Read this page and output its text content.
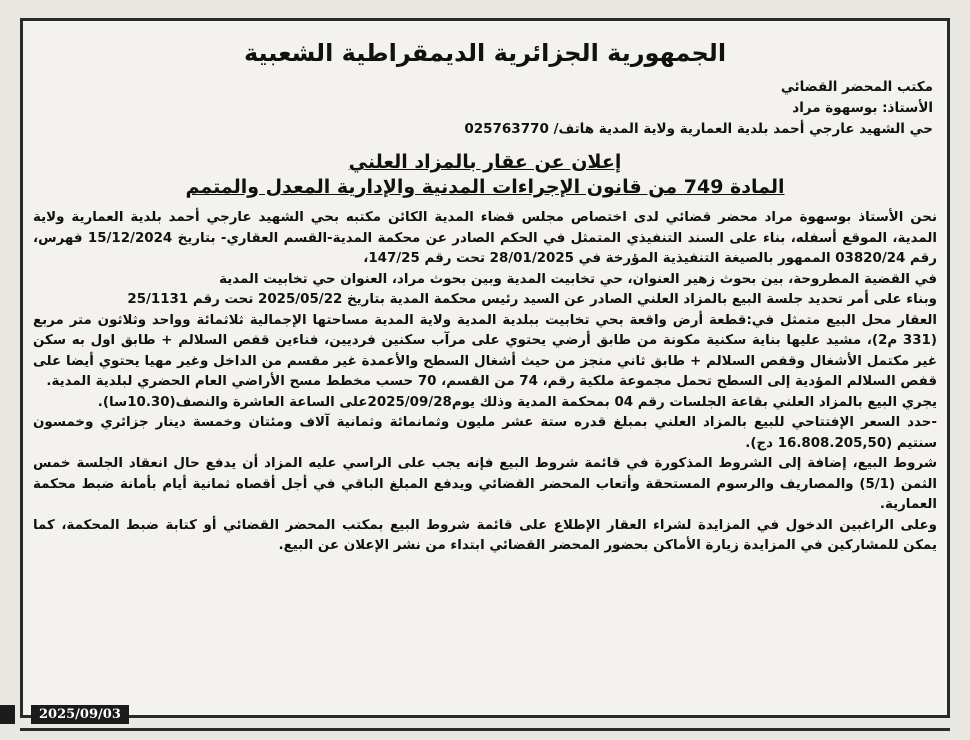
الجمهورية الجزائرية الديمقراطية الشعبية
مكتب المحضر القضائي
الأستاذ: بوسهوة مراد
حي الشهيد عارجي أحمد بلدية العمارية ولاية المدية هاتف/ 025763770
إعلان عن عقار بالمزاد العلني
المادة 749 من قانون الإجراءات المدنية والإدارية المعدل والمتمم

نحن الأستاذ بوسهوة مراد محضر قضائي لدى اختصاص مجلس قضاء المدية الكائن مكتبه بحي الشهيد عارجي أحمد بلدية العمارية ولاية المدية، الموقع أسفله، بناء على السند التنفيذي المتمثل في الحكم الصادر عن محكمة المدية-القسم العقاري- بتاريخ 15/12/2024 فهرس، رقم 03820/24 الممهور بالصيغة التنفيذية المؤرخة في 28/01/2025 تحت رقم 147/25،

في القضية المطروحة، بين بحوث زهير العنوان، حي تخابيت المدية وبين بحوث مراد، العنوان حي تخابيت المدية

وبناء على أمر تحديد جلسة البيع بالمزاد العلني الصادر عن السيد رئيس محكمة المدية بتاريخ 2025/05/22 تحت رقم 25/1131

العقار محل البيع متمثل في:قطعة أرض واقعة بحي تخابيت ببلدية المدية ولاية المدية مساحتها الإجمالية ثلاثمائة وواحد وثلاثون متر مربع (331 م2)، مشيد عليها بناية سكنية مكونة من طابق أرضي يحتوي على مرآب سكنين فرديين، فناءين قفص السلالم + طابق اول به سكن غير مكتمل الأشغال وقفص السلالم + طابق ثاني منجز من حيث أشغال السطح والأعمدة غير مقسم من الداخل وغير مهيا يحتوي أيضا على قفص السلالم المؤدية إلى السطح تحمل مجموعة ملكية رقم، 74 من القسم، 70 حسب مخطط مسح الأراضي العام الحضري لبلدية المدية.

يجري البيع بالمزاد العلني بقاعة الجلسات رقم 04 بمحكمة المدية وذلك يوم2025/09/28على الساعة العاشرة والنصف(10.30سا).

-حدد السعر الإفتتاحي للبيع بالمزاد العلني بمبلغ قدره ستة عشر مليون وثمانمائة وثمانية آلاف ومئتان وخمسة دينار جزائري وخمسون سنتيم (16.808.205,50 دج).

شروط البيع، إضافة إلى الشروط المذكورة في قائمة شروط البيع فإنه يجب على الراسي عليه المزاد أن يدفع حال انعقاد الجلسة خمس الثمن (5/1) والمصاريف والرسوم المستحقة وأتعاب المحضر القضائي ويدفع المبلغ الباقي في أجل أقصاه ثمانية أيام بأمانة ضبط محكمة العمارية.

وعلى الراغبين الدخول في المزايدة لشراء العقار الإطلاع على قائمة شروط البيع بمكتب المحضر القضائي أو كتابة ضبط المحكمة، كما يمكن للمشاركين في المزايدة زيارة الأماكن بحضور المحضر القضائي ابتداء من نشر الإعلان عن البيع.

2025/09/03
